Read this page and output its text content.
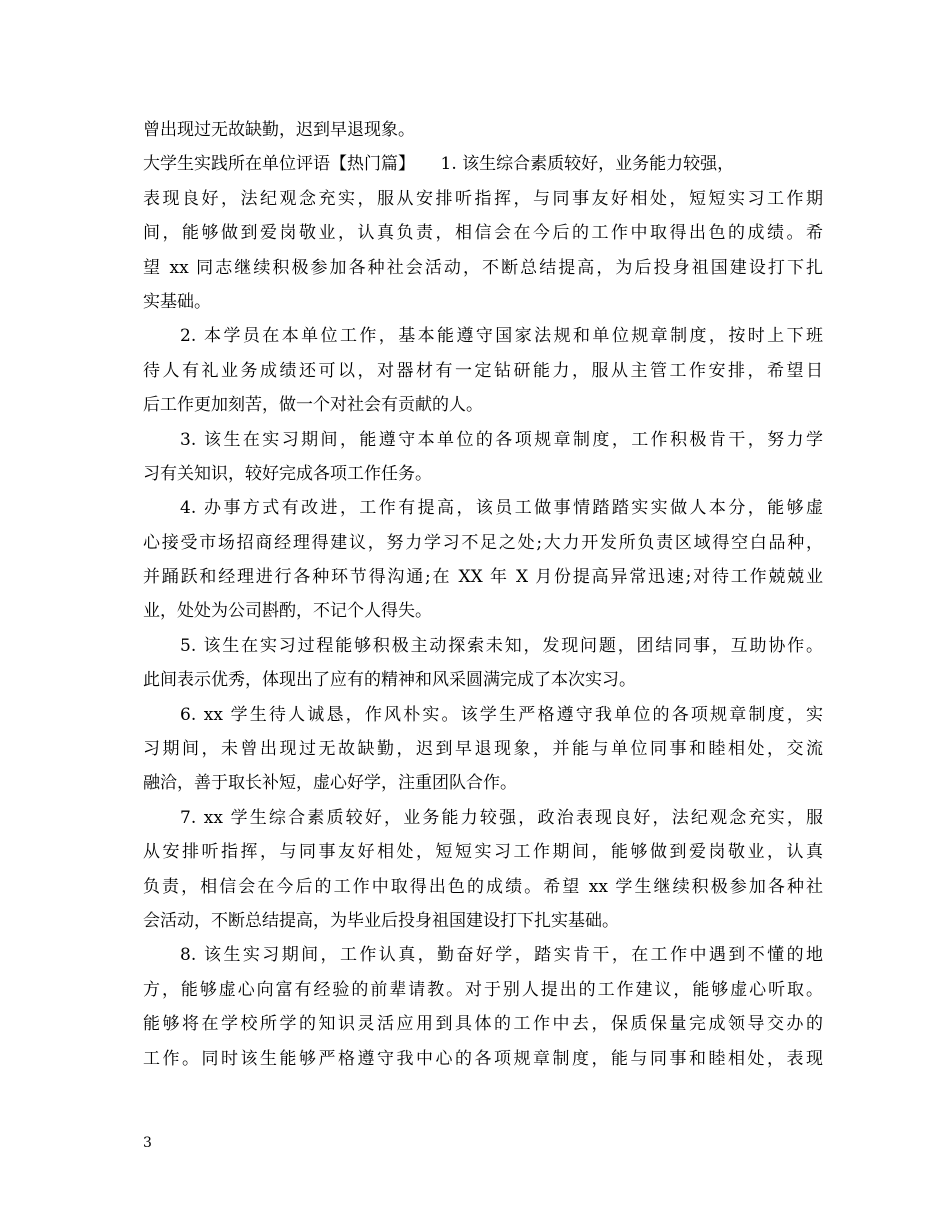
曾出现过无故缺勤，迟到早退现象。
大学生实践所在单位评语【热门篇】　　1. 该生综合素质较好，业务能力较强，
表现良好，法纪观念充实，服从安排听指挥，与同事友好相处，短短实习工作期
间，能够做到爱岗敬业，认真负责，相信会在今后的工作中取得出色的成绩。希
望 xx 同志继续积极参加各种社会活动，不断总结提高，为后投身祖国建设打下扎
实基础。
2. 本学员在本单位工作，基本能遵守国家法规和单位规章制度，按时上下班
待人有礼业务成绩还可以，对器材有一定钻研能力，服从主管工作安排，希望日
后工作更加刻苦，做一个对社会有贡献的人。
3. 该生在实习期间，能遵守本单位的各项规章制度，工作积极肯干，努力学
习有关知识，较好完成各项工作任务。
4. 办事方式有改进，工作有提高，该员工做事情踏踏实实做人本分，能够虚
心接受市场招商经理得建议，努力学习不足之处;大力开发所负责区域得空白品种，
并踊跃和经理进行各种环节得沟通;在 XX 年 X 月份提高异常迅速;对待工作兢兢业
业，处处为公司斟酌，不记个人得失。
5. 该生在实习过程能够积极主动探索未知，发现问题，团结同事，互助协作。
此间表示优秀，体现出了应有的精神和风采圆满完成了本次实习。
6. xx 学生待人诚恳，作风朴实。该学生严格遵守我单位的各项规章制度，实
习期间，未曾出现过无故缺勤，迟到早退现象，并能与单位同事和睦相处，交流
融洽，善于取长补短，虚心好学，注重团队合作。
7. xx 学生综合素质较好，业务能力较强，政治表现良好，法纪观念充实，服
从安排听指挥，与同事友好相处，短短实习工作期间，能够做到爱岗敬业，认真
负责，相信会在今后的工作中取得出色的成绩。希望 xx 学生继续积极参加各种社
会活动，不断总结提高，为毕业后投身祖国建设打下扎实基础。
8. 该生实习期间，工作认真，勤奋好学，踏实肯干，在工作中遇到不懂的地
方，能够虚心向富有经验的前辈请教。对于别人提出的工作建议，能够虚心听取。
能够将在学校所学的知识灵活应用到具体的工作中去，保质保量完成领导交办的
工作。同时该生能够严格遵守我中心的各项规章制度，能与同事和睦相处，表现
3
